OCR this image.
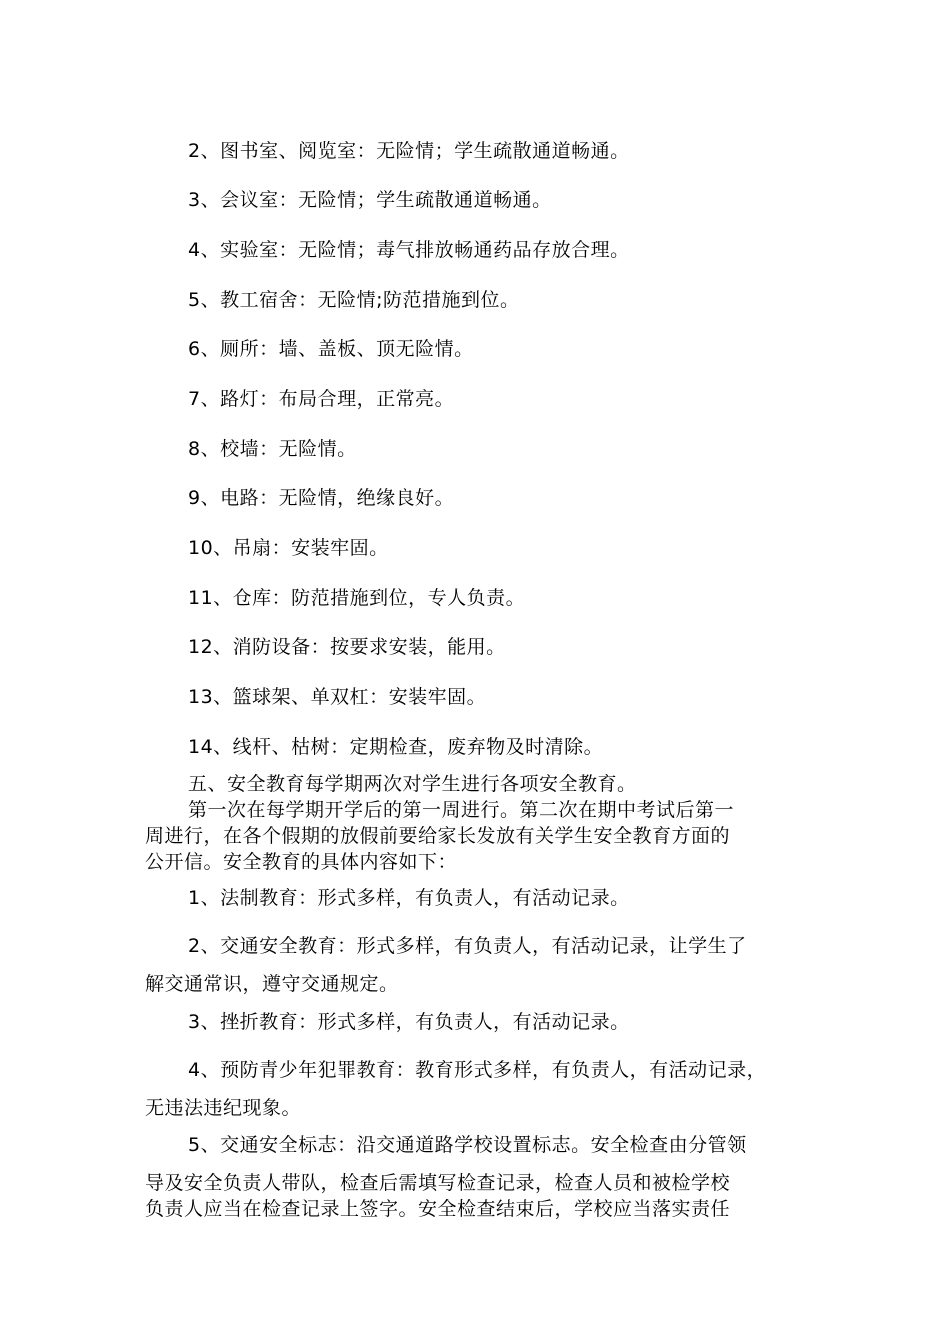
2、图书室、阅览室：无险情；学生疏散通道畅通。
3、会议室：无险情；学生疏散通道畅通。
4、实验室：无险情；毒气排放畅通药品存放合理。
5、教工宿舍：无险情;防范措施到位。
6、厕所：墙、盖板、顶无险情。
7、路灯：布局合理，正常亮。
8、校墙：无险情。
9、电路：无险情，绝缘良好。
10、吊扇：安装牢固。
11、仓库：防范措施到位，专人负责。
12、消防设备：按要求安装，能用。
13、篮球架、单双杠：安装牢固。
14、线杆、枯树：定期检查，废弃物及时清除。
五、安全教育每学期两次对学生进行各项安全教育。
第一次在每学期开学后的第一周进行。第二次在期中考试后第一
周进行，在各个假期的放假前要给家长发放有关学生安全教育方面的
公开信。安全教育的具体内容如下：
1、法制教育：形式多样，有负责人，有活动记录。
2、交通安全教育：形式多样，有负责人，有活动记录，让学生了
解交通常识，遵守交通规定。
3、挫折教育：形式多样，有负责人，有活动记录。
4、预防青少年犯罪教育：教育形式多样，有负责人，有活动记录，
无违法违纪现象。
5、交通安全标志：沿交通道路学校设置标志。安全检查由分管领
导及安全负责人带队，检查后需填写检查记录，检查人员和被检学校
负责人应当在检查记录上签字。安全检查结束后，学校应当落实责任
